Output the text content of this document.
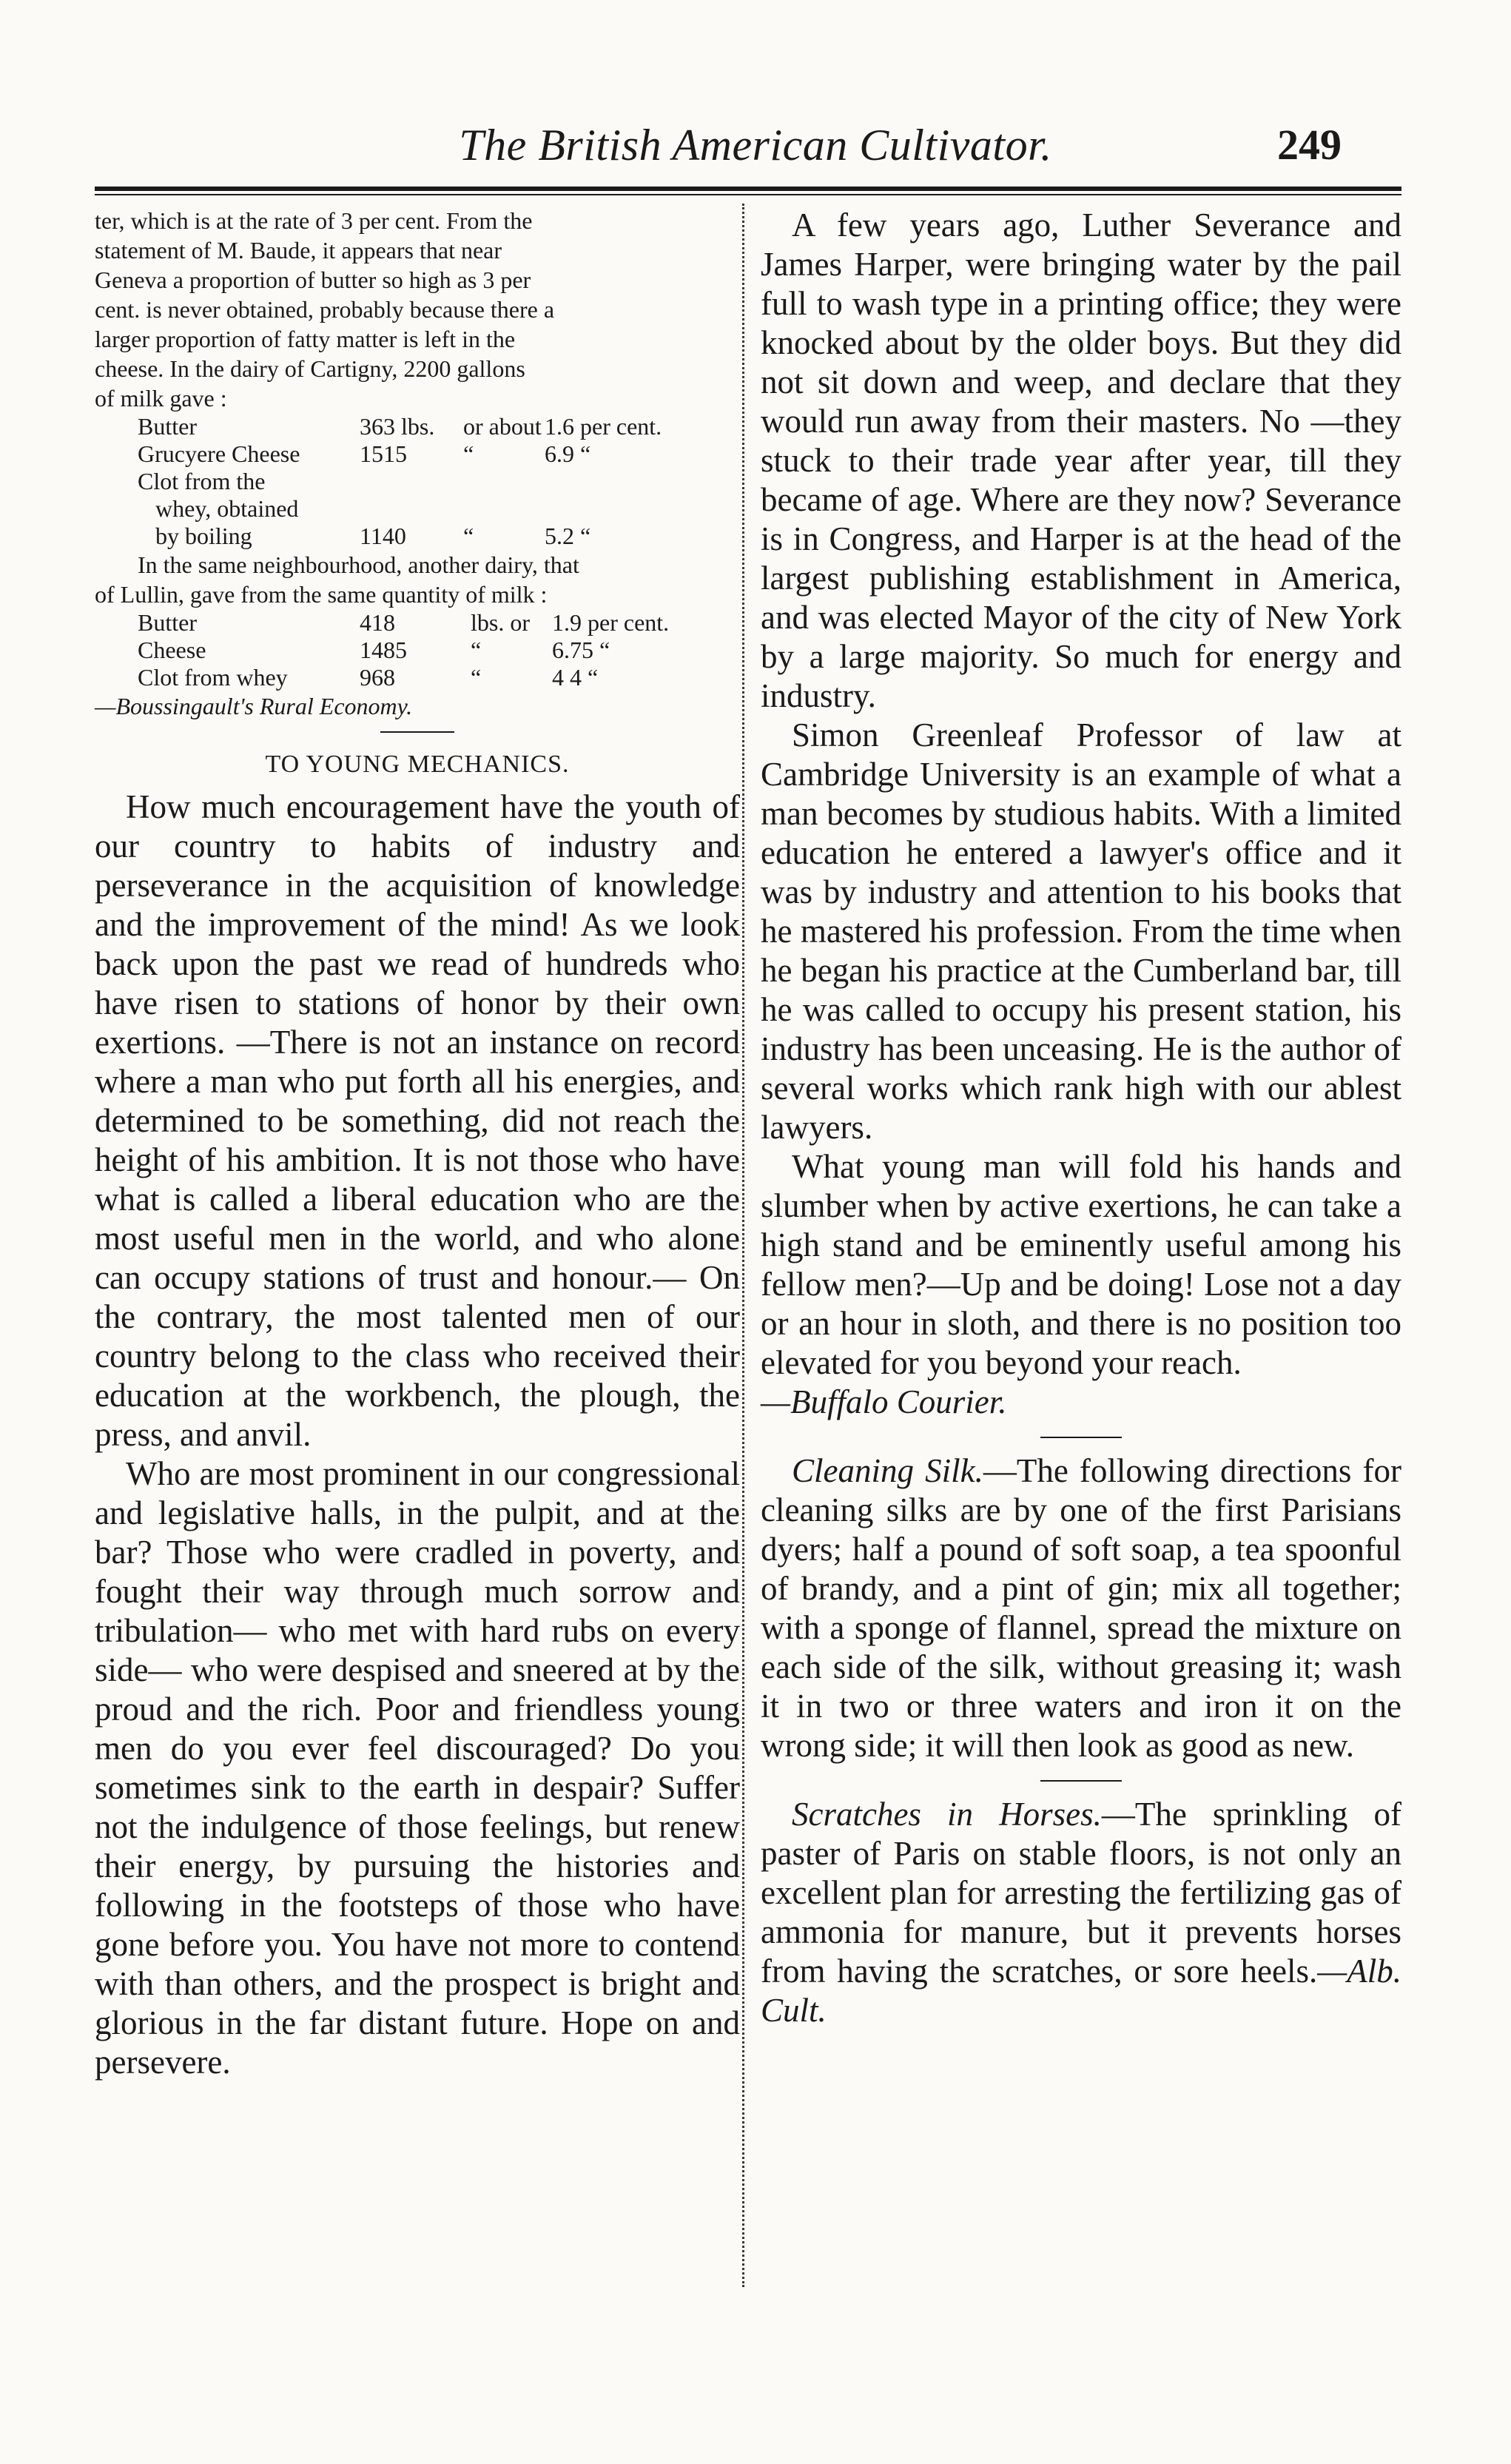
The British American Cultivator.	249
ter, which is at the rate of 3 per cent. From the
statement of M. Baude, it appears that near
Geneva a proportion of butter so high as 3 per
cent. is never obtained, probably because there a
larger proportion of fatty matter is left in the
cheese. In the dairy of Cartigny, 2200 gallons
of milk gave :
Butter	363 lbs.	or about 1.6 per cent.
Grucyere Cheese	1515	“	6.9 “
Clot from the
whey, obtained
by boiling	1140	“	5.2 “
In the same neighbourhood, another dairy, that
of Lullin, gave from the same quantity of milk :
Butter	418	lbs. or 1.9 per cent.
Cheese	1485	“	6.75 “
Clot from whey	968	“	4 4 “
—Boussingault's Rural Economy.
TO YOUNG MECHANICS.

How much encouragement have the youth of our country to habits of industry and perseverance in the acquisition of knowledge and the improvement of the mind! As we look back upon the past we read of hundreds who have risen to stations of honor by their own exertions. —There is not an instance on record where a man who put forth all his energies, and determined to be something, did not reach the height of his ambition. It is not those who have what is called a liberal education who are the most useful men in the world, and who alone can occupy stations of trust and honour.— On the contrary, the most talented men of our country belong to the class who received their education at the workbench, the plough, the press, and anvil.

Who are most prominent in our congressional and legislative halls, in the pulpit, and at the bar? Those who were cradled in poverty, and fought their way through much sorrow and tribulation— who met with hard rubs on every side— who were despised and sneered at by the proud and the rich. Poor and friendless young men do you ever feel discouraged? Do you sometimes sink to the earth in despair? Suffer not the indulgence of those feelings, but renew their energy, by pursuing the histories and following in the footsteps of those who have gone before you. You have not more to contend with than others, and the prospect is bright and glorious in the far distant future. Hope on and persevere.

A few years ago, Luther Severance and James Harper, were bringing water by the pail full to wash type in a printing office; they were knocked about by the older boys. But they did not sit down and weep, and declare that they would run away from their masters. No —they stuck to their trade year after year, till they became of age. Where are they now? Severance is in Congress, and Harper is at the head of the largest publishing establishment in America, and was elected Mayor of the city of New York by a large majority. So much for energy and industry.

Simon Greenleaf Professor of law at Cambridge University is an example of what a man becomes by studious habits. With a limited education he entered a lawyer's office and it was by industry and attention to his books that he mastered his profession. From the time when he began his practice at the Cumberland bar, till he was called to occupy his present station, his industry has been unceasing. He is the author of several works which rank high with our ablest lawyers.

What young man will fold his hands and slumber when by active exertions, he can take a high stand and be eminently useful among his fellow men?—Up and be doing! Lose not a day or an hour in sloth, and there is no position too elevated for you beyond your reach.

—Buffalo Courier.

Cleaning Silk.—The following directions for cleaning silks are by one of the first Parisians dyers; half a pound of soft soap, a tea spoonful of brandy, and a pint of gin; mix all together; with a sponge of flannel, spread the mixture on each side of the silk, without greasing it; wash it in two or three waters and iron it on the wrong side; it will then look as good as new.

Scratches in Horses.—The sprinkling of paster of Paris on stable floors, is not only an excellent plan for arresting the fertilizing gas of ammonia for manure, but it prevents horses from having the scratches, or sore heels.—Alb. Cult.
